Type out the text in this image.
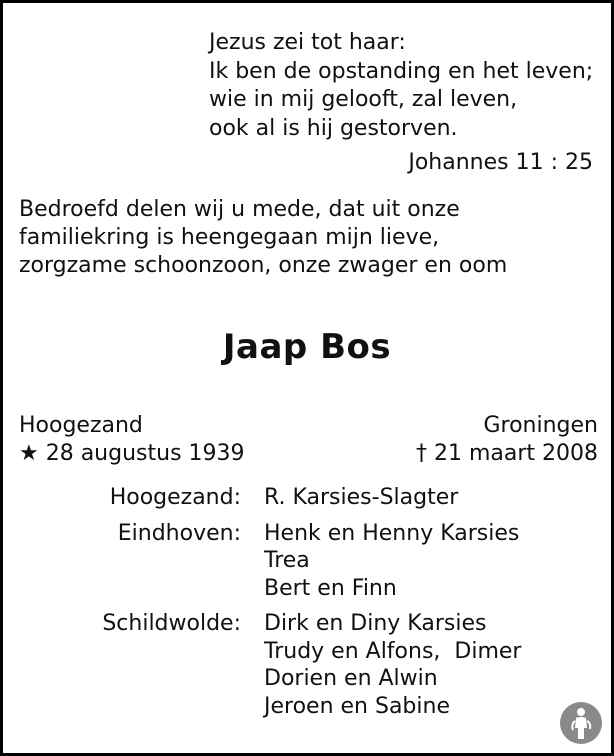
Jezus zei tot haar:
Ik ben de opstanding en het leven;
wie in mij gelooft, zal leven,
ook al is hij gestorven.
Johannes 11 : 25
Bedroefd delen wij u mede, dat uit onze
familiekring is heengegaan mijn lieve,
zorgzame schoonzoon, onze zwager en oom
Jaap Bos
Hoogezand
★ 28 augustus 1939
Groningen
† 21 maart 2008
Hoogezand: R. Karsies-Slagter
Eindhoven: Henk en Henny Karsies
Trea
Bert en Finn
Schildwolde: Dirk en Diny Karsies
Trudy en Alfons,  Dimer
Dorien en Alwin
Jeroen en Sabine
